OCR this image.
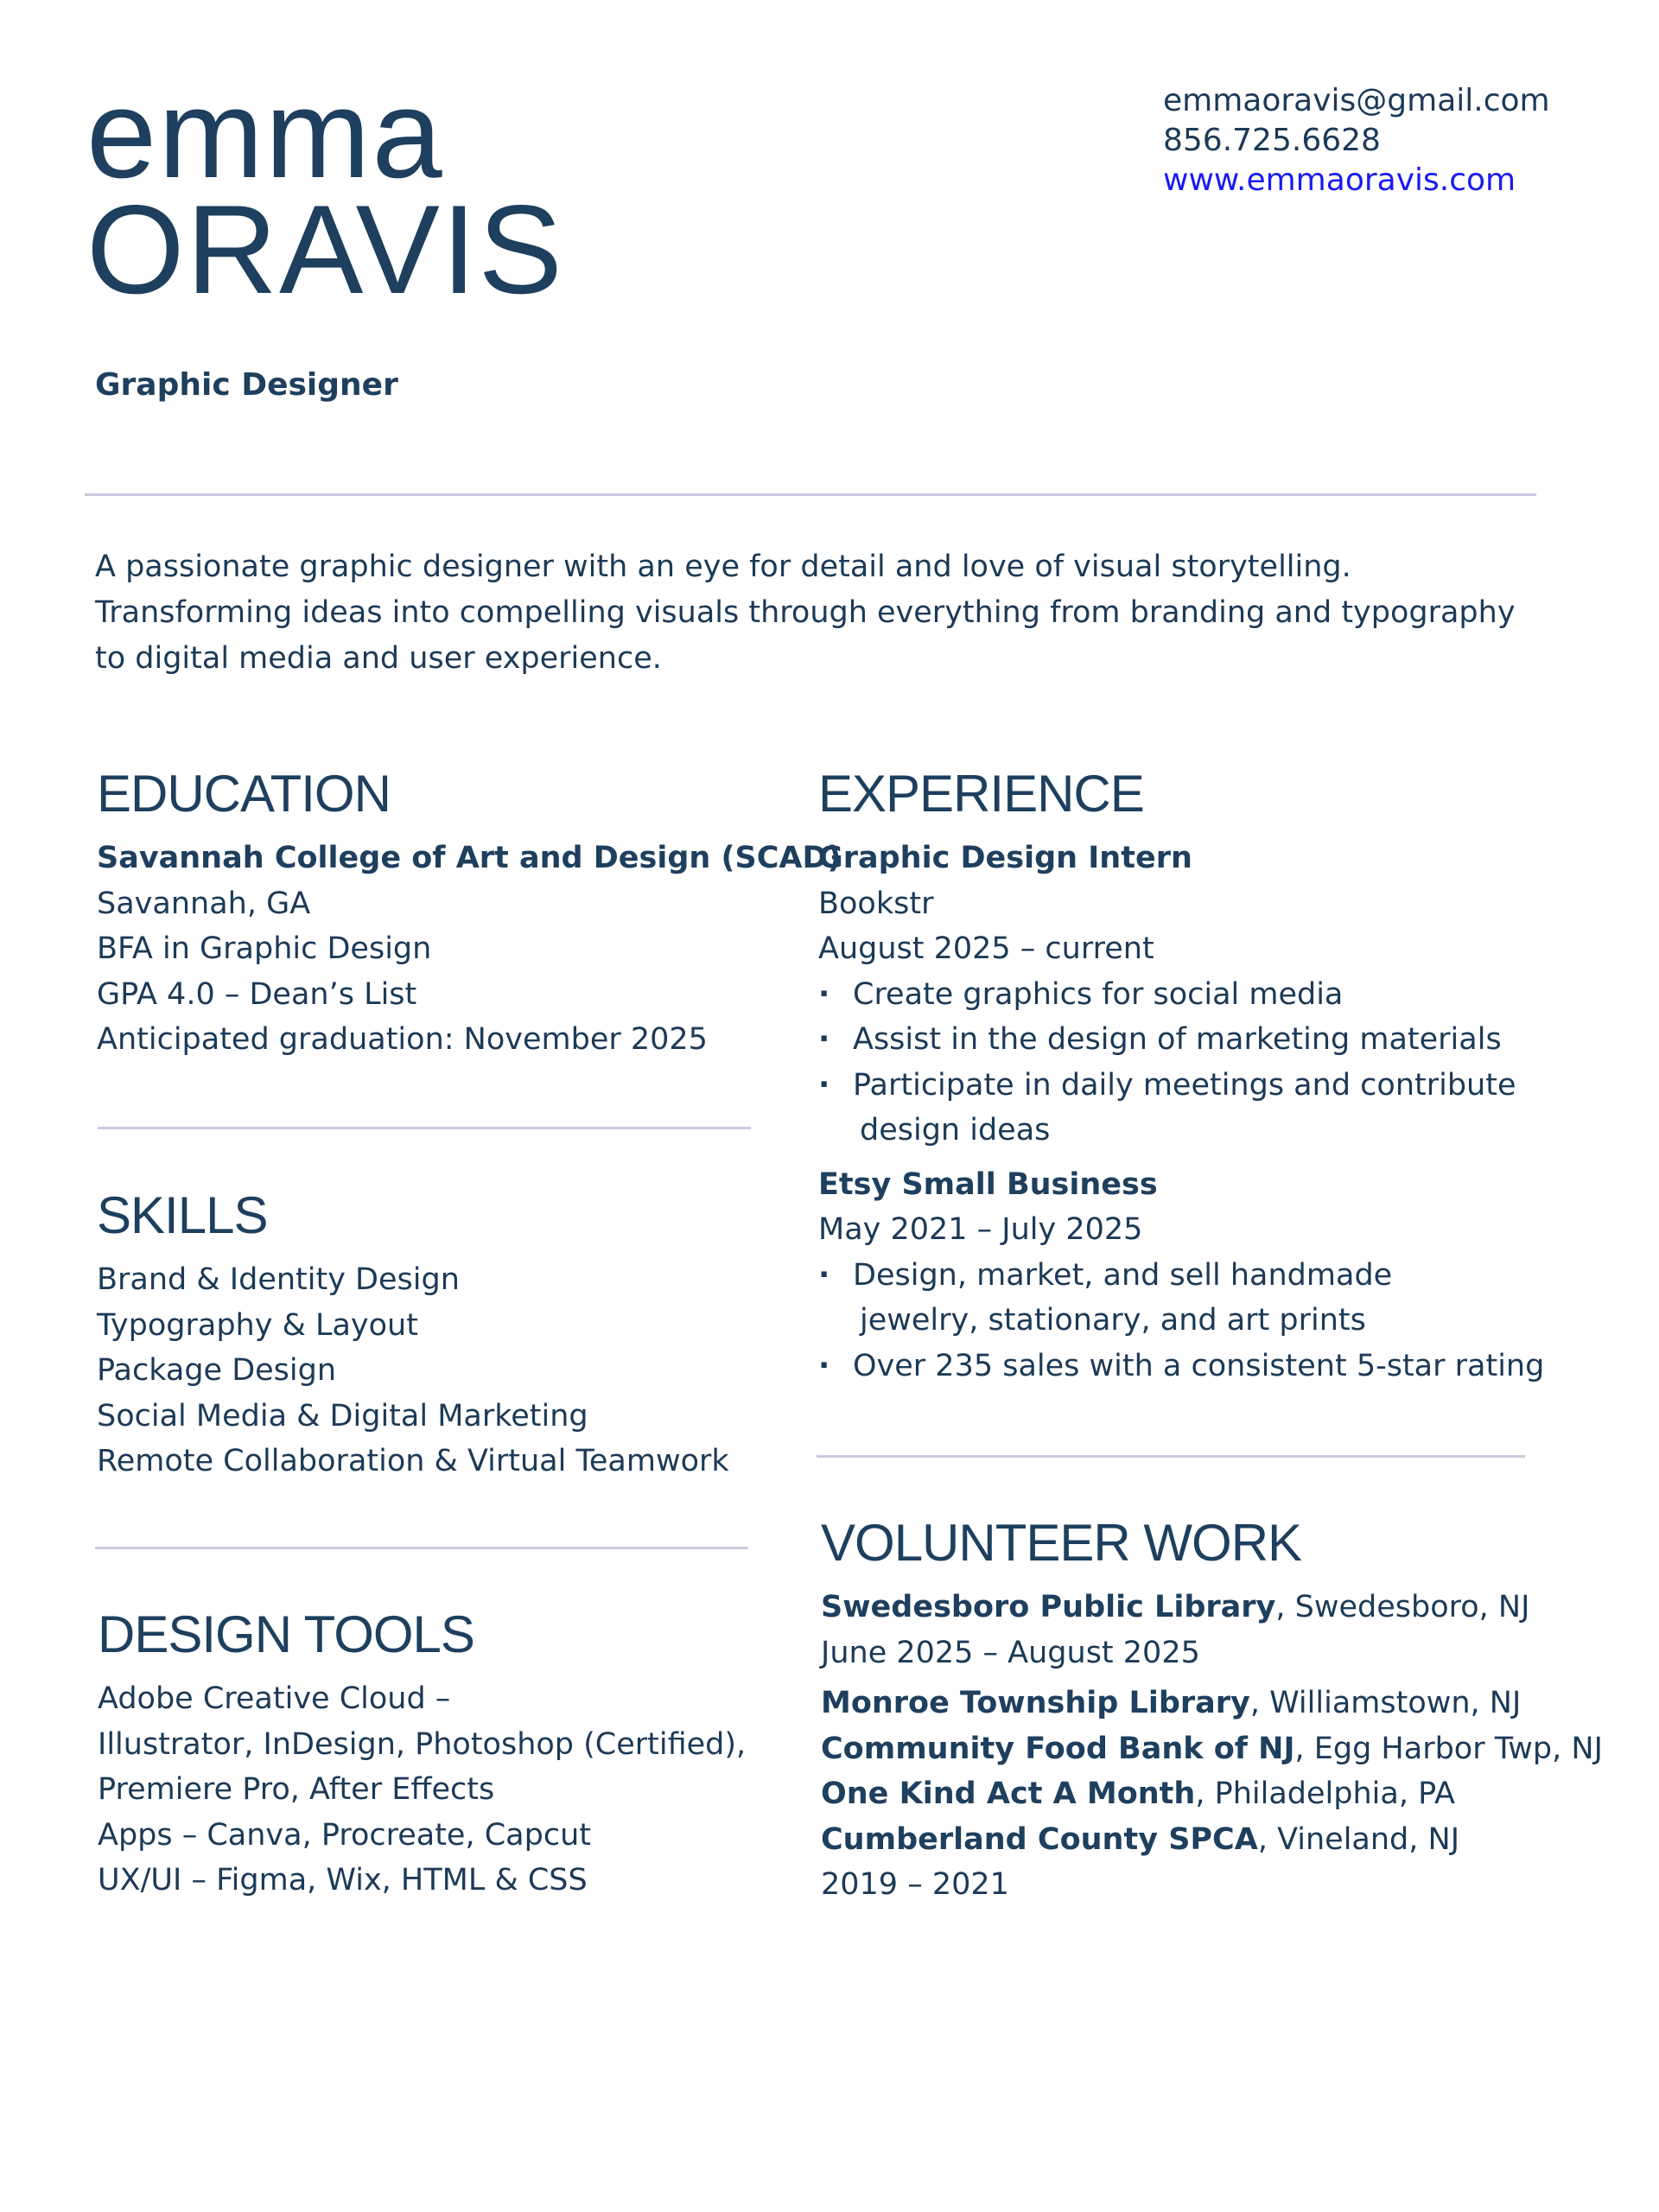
emma
ORAVIS
Graphic Designer
emmaoravis@gmail.com
856.725.6628
www.emmaoravis.com
A passionate graphic designer with an eye for detail and love of visual storytelling.
Transforming ideas into compelling visuals through everything from branding and typography
to digital media and user experience.
EDUCATION
Savannah College of Art and Design (SCAD)
Savannah, GA
BFA in Graphic Design
GPA 4.0 – Dean’s List
Anticipated graduation: November 2025
SKILLS
Brand & Identity Design
Typography & Layout
Package Design
Social Media & Digital Marketing
Remote Collaboration & Virtual Teamwork
DESIGN TOOLS
Adobe Creative Cloud –
Illustrator, InDesign, Photoshop (Certified),
Premiere Pro, After Effects
Apps – Canva, Procreate, Capcut
UX/UI – Figma, Wix, HTML & CSS
EXPERIENCE
Graphic Design Intern
Bookstr
August 2025 – current
· Create graphics for social media
· Assist in the design of marketing materials
· Participate in daily meetings and contribute
design ideas
Etsy Small Business
May 2021 – July 2025
· Design, market, and sell handmade
jewelry, stationary, and art prints
· Over 235 sales with a consistent 5-star rating
VOLUNTEER WORK
Swedesboro Public Library, Swedesboro, NJ
June 2025 – August 2025
Monroe Township Library, Williamstown, NJ
Community Food Bank of NJ, Egg Harbor Twp, NJ
One Kind Act A Month, Philadelphia, PA
Cumberland County SPCA, Vineland, NJ
2019 – 2021
